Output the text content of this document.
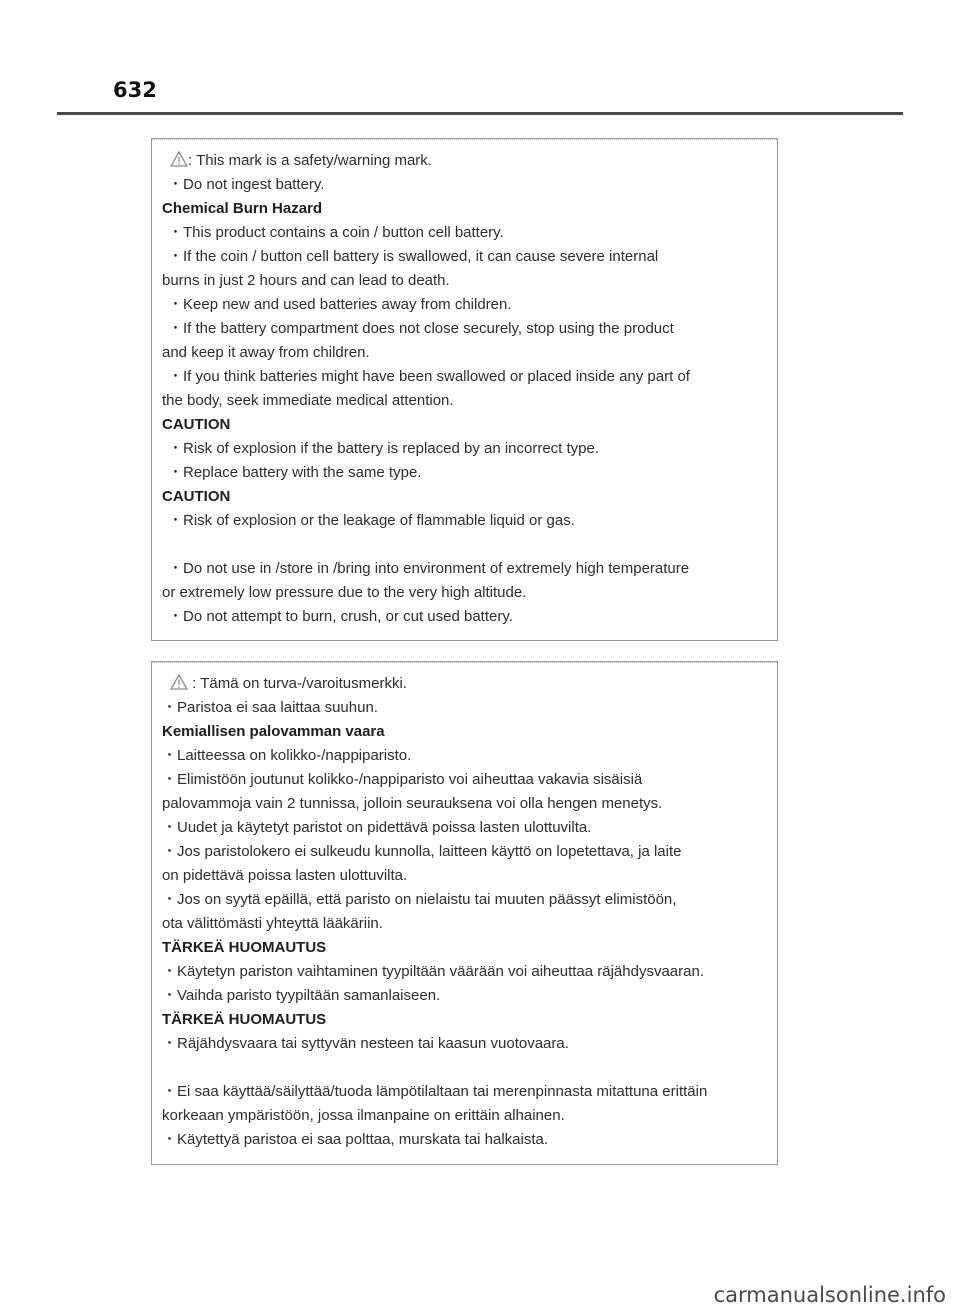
632
: This mark is a safety/warning mark.
・Do not ingest battery.
Chemical Burn Hazard
・This product contains a coin / button cell battery.
・If the coin / button cell battery is swallowed, it can cause severe internal
burns in just 2 hours and can lead to death.
・Keep new and used batteries away from children.
・If the battery compartment does not close securely, stop using the product
and keep it away from children.
・If you think batteries might have been swallowed or placed inside any part of
the body, seek immediate medical attention.
CAUTION
・Risk of explosion if the battery is replaced by an incorrect type.
・Replace battery with the same type.
CAUTION
・Risk of explosion or the leakage of flammable liquid or gas.
・Do not use in /store in /bring into environment of extremely high temperature
or extremely low pressure due to the very high altitude.
・Do not attempt to burn, crush, or cut used battery.
: Tämä on turva-/varoitusmerkki.
・Paristoa ei saa laittaa suuhun.
Kemiallisen palovamman vaara
・Laitteessa on kolikko-/nappiparisto.
・Elimistöön joutunut kolikko-/nappiparisto voi aiheuttaa vakavia sisäisiä
palovammoja vain 2 tunnissa, jolloin seurauksena voi olla hengen menetys.
・Uudet ja käytetyt paristot on pidettävä poissa lasten ulottuvilta.
・Jos paristolokero ei sulkeudu kunnolla, laitteen käyttö on lopetettava, ja laite
on pidettävä poissa lasten ulottuvilta.
・Jos on syytä epäillä, että paristo on nielaistu tai muuten päässyt elimistöön,
ota välittömästi yhteyttä lääkäriin.
TÄRKEÄ HUOMAUTUS
・Käytetyn pariston vaihtaminen tyypiltään väärään voi aiheuttaa räjähdysvaaran.
・Vaihda paristo tyypiltään samanlaiseen.
TÄRKEÄ HUOMAUTUS
・Räjähdysvaara tai syttyvän nesteen tai kaasun vuotovaara.
・Ei saa käyttää/säilyttää/tuoda lämpötilaltaan tai merenpinnasta mitattuna erittäin
korkeaan ympäristöön, jossa ilmanpaine on erittäin alhainen.
・Käytettyä paristoa ei saa polttaa, murskata tai halkaista.
carmanualsonline.info
